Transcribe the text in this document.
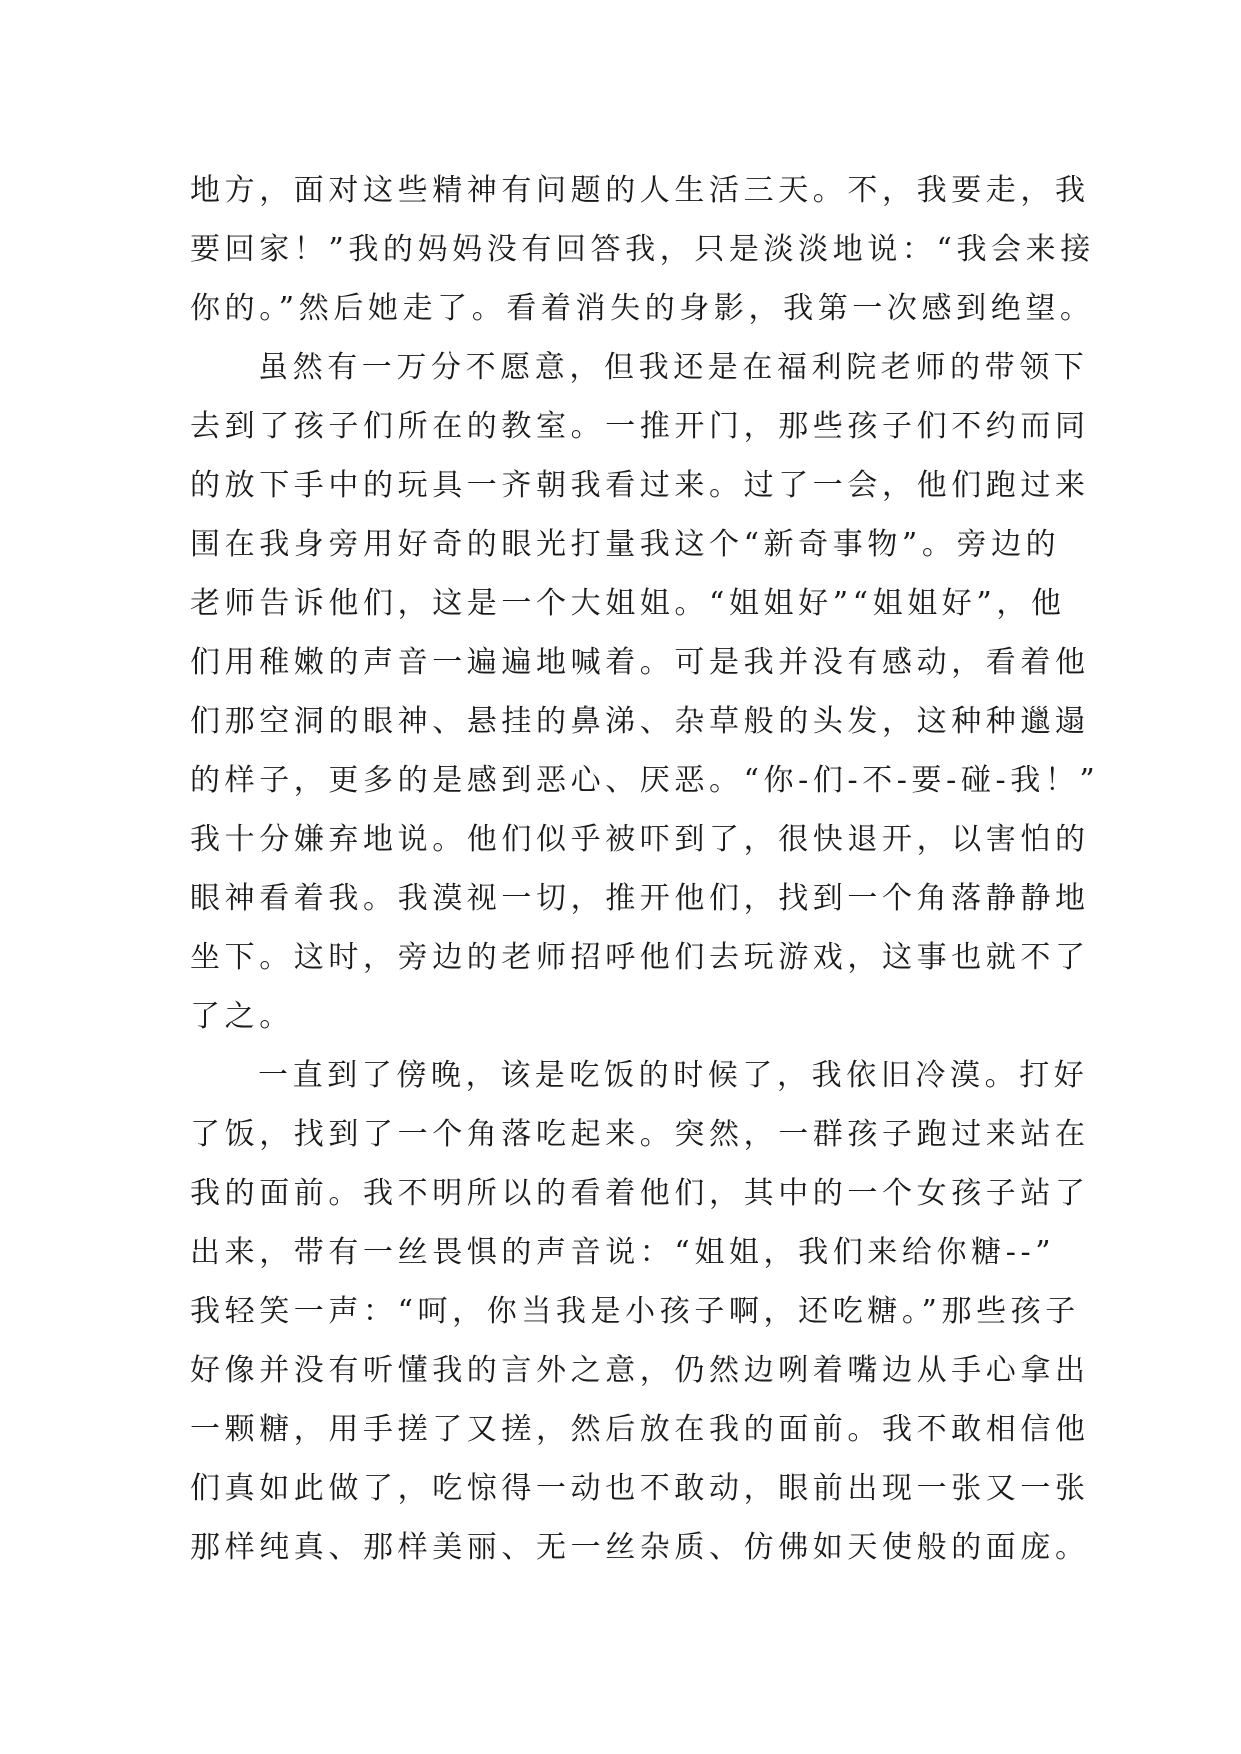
地方，面对这些精神有问题的人生活三天。不，我要走，我
要回家！”我的妈妈没有回答我，只是淡淡地说：“我会来接
你的。”然后她走了。看着消失的身影，我第一次感到绝望。
虽然有一万分不愿意，但我还是在福利院老师的带领下
去到了孩子们所在的教室。一推开门，那些孩子们不约而同
的放下手中的玩具一齐朝我看过来。过了一会，他们跑过来
围在我身旁用好奇的眼光打量我这个“新奇事物”。旁边的
老师告诉他们，这是一个大姐姐。“姐姐好”“姐姐好”，他
们用稚嫩的声音一遍遍地喊着。可是我并没有感动，看着他
们那空洞的眼神、悬挂的鼻涕、杂草般的头发，这种种邋遢
的样子，更多的是感到恶心、厌恶。“你-们-不-要-碰-我！”
我十分嫌弃地说。他们似乎被吓到了，很快退开，以害怕的
眼神看着我。我漠视一切，推开他们，找到一个角落静静地
坐下。这时，旁边的老师招呼他们去玩游戏，这事也就不了
了之。
一直到了傍晚，该是吃饭的时候了，我依旧冷漠。打好
了饭，找到了一个角落吃起来。突然，一群孩子跑过来站在
我的面前。我不明所以的看着他们，其中的一个女孩子站了
出来，带有一丝畏惧的声音说：“姐姐，我们来给你糖--”
我轻笑一声：“呵，你当我是小孩子啊，还吃糖。”那些孩子
好像并没有听懂我的言外之意，仍然边咧着嘴边从手心拿出
一颗糖，用手搓了又搓，然后放在我的面前。我不敢相信他
们真如此做了，吃惊得一动也不敢动，眼前出现一张又一张
那样纯真、那样美丽、无一丝杂质、仿佛如天使般的面庞。
